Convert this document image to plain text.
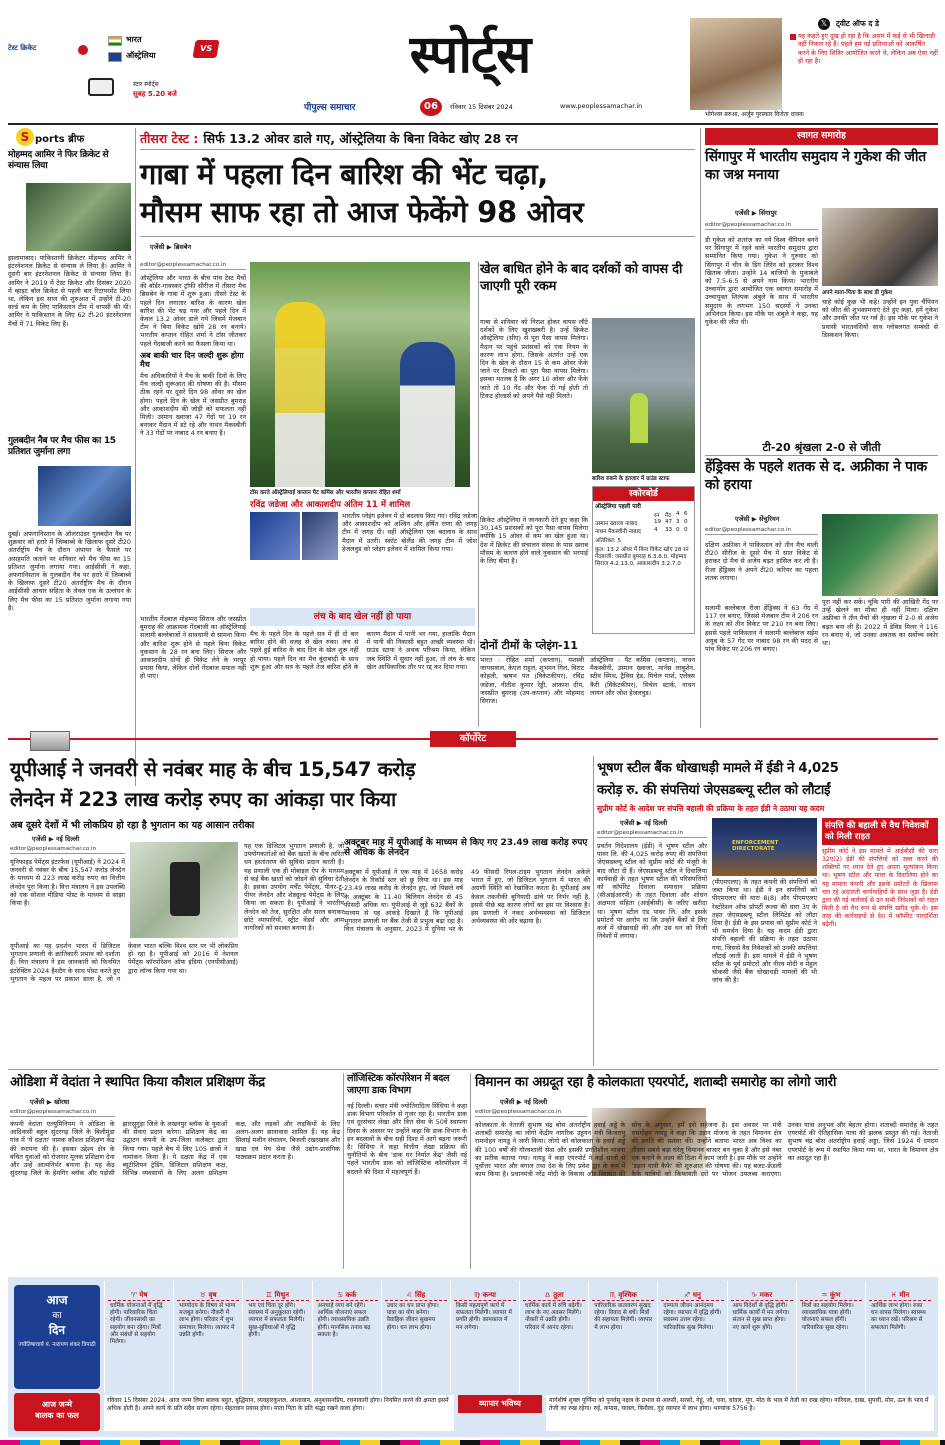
टेस्ट क्रिकेट
भारत
VS
ऑस्ट्रेलिया
स्टार स्पोर्ट्स
सुबह 5.20 बजे
स्पोर्ट्स
पीपुल्स समाचार	06	रविवार 15 दिसंबर 2024	www.peoplessamachar.in
𝕏	ट्वीट ऑफ द डे
यह कहते हुए दुख हो रहा है कि असम में कई से भी खिलाड़ी नहीं निकल रहे हैं। पहले हम नई प्रतिभाओं को आकर्षित करने के लिए शिविर आयोजित करते थे, लेकिन अब ऐसा नहीं हो रहा है।
भोगेश्वर बरुआ, अर्जुन पुरस्कार विजेता धावक
S ports ब्रीफ
मोहम्मद आमिर ने फिर क्रिकेट से संन्यास लिया
इस्लामाबाद। पाकिस्तानी क्रिकेटर मोहम्मद आमिर ने इंटरनेशनल क्रिकेट से संन्यास ले लिया है। आमिर ने दूसरी बार इंटरनेशनल क्रिकेट से संन्यास लिया है। आमिर ने 2019 में टेस्ट क्रिकेट और दिसंबर 2020 में व्हाइट बॉल क्रिकेट से पहली बार रिटायरमेंट लिया था, लेकिन इस साल की शुरुआत में उन्होंने टी-20 वर्ल्ड कप के लिए पाकिस्तान टीम में वापसी की थी। आमिर ने पाकिस्तान के लिए 62 टी-20 इंटरनेशनल मैचों में 71 विकेट लिए हैं।
गुलबदीन नैब पर मैच फीस का 15 प्रतिशत जुर्माना लगा
दुबई। अफगानिस्तान के ऑलराउंडर गुलबदीन नैब पर शुक्रवार को हरारे में जिम्बाब्वे के खिलाफ दूसरे टी20 अंतर्राष्ट्रीय मैच के दौरान अंपायर के फैसले पर असहमति जताने पर शनिवार को मैच फीस का 15 प्रतिशत जुर्माना लगाया गया। आईसीसी ने कहा, अफगानिस्तान के गुलबदीन नैब पर हरारे में जिम्बाब्वे के खिलाफ दूसरे टी20 अंतर्राष्ट्रीय मैच के दौरान आईसीसी आचार संहिता के लेवल एक के उल्लंघन के लिए मैच फीस का 15 प्रतिशत जुर्माना लगाया गया है।
तीसरा टेस्ट : सिर्फ 13.2 ओवर डाले गए, ऑस्ट्रेलिया के बिना विकेट खोए 28 रन
गाबा में पहला दिन बारिश की भेंट चढ़ा,
मौसम साफ रहा तो आज फेकेंगे 98 ओवर
एजेंसी ▶ ब्रिसबेन
editor@peoplessamachar.co.in
ऑस्ट्रेलिया और भारत के बीच पांच टेस्ट मैचों की बॉर्डर-गावस्कर ट्रॉफी सीरीज में तीसरा मैच ब्रिसबेन के गाबा में शुरू हुआ। तीसरे टेस्ट के पहले दिन लगातार बारिश के कारण खेल बारिश की भेंट चढ़ गया और पहले दिन में केवल 13.2 ओवर डाले गये जिसमें मेजबान टीम ने बिना विकेट खोये 28 रन बनाये। भारतीय कप्तान रोहित शर्मा ने टॉस जीतकर पहले गेंदबाजी करने का फैसला किया था।
अब बाकी चार दिन जल्दी शुरू होगा मैच
मैच अधिकारियों ने मैच के बाकी दिनों के लिए मैच जल्दी शुरूआत की घोषणा की है। मौसम ठीक रहने पर दूसरे दिन 98 ओवर का खेल होगा। पहले दिन के खेल में जसप्रीत बुमराह और आकाशदीप की जोड़ी को सफलता नहीं मिली। उस्मान ख्वाजा 47 गेंदों पर 19 रन बनाकर मैदान में डटे रहे और नाथन मैकस्वीनी ने 33 गेंदों पर नाबाद 4 रन बनाए हैं।
भारतीय गेंदबाज मोहम्मद सिराज और जसप्रीत बुमराह की आक्रामक गेंदबाजी का ऑस्ट्रेलियाई सलामी बल्लेबाजों ने सावधानी से सामना किया और बारिश शुरू होने से पहले बिना विकेट नुकसान के 28 रन बना लिए। सिराज और आकाशदीप दोनों ही विकेट लेने के भरपूर प्रयास किया, लेकिन दोनों गेंदबाज सफल नहीं हो पाए।
टॉस करते ऑस्ट्रेलियाई कप्तान पैट कमिंस और भारतीय कप्तान रोहित शर्मा
रविंद्र जडेजा और आकाशदीप अंतिम 11 में शामिल
भारतीय प्लेइंग इलेवन में दो बदलाव किए गए। रविंद्र जडेजा और आकाशदीप को अश्विन और हर्षित राणा की जगह टीम में जगह दी। वहीं ऑस्ट्रेलिया एक बदलाव के साथ मैदान में उतरी। स्कॉट बोलैंड की जगह टीम में जोश हेजलवुड को प्लेइंग इलेवन में शामिल किया गया।
लंच के बाद खेल नहीं हो पाया
मैच के पहले दिन के पहले सत्र में ही दो बार बारिश होने की वजह से खेल रुका। लंच से पहले हुई बारिश के बाद दिन के खेल शुरू नहीं हो पाया। पहले दिन का मैच बूंदाबांदी के साथ शुरू हुआ और सत्र के पहले तेज बारिश होने के कारण मैदान में पानी भर गया, हालांकि मैदान में पानी की निकासी बहुत अच्छी व्यवस्था थी। ग्राउंड स्टाफ ने अथक परिश्रम किया, लेकिन जब स्थिति में सुधार नहीं हुआ, तो लंच के बाद खेल आधिकारिक तौर पर रद्द कर दिया गया।
खेल बाधित होने के बाद दर्शकों को वापस दी जाएगी पूरी रकम
गाबा से शनिवार को निराश होकर वापस लौटे दर्शकों के लिए खुशखबरी है। उन्हें क्रिकेट ऑस्ट्रेलिया (सीए) से पूरा पैसा वापस मिलेगा। मैदान पर पहुंचे प्रशंसकों को एक नियम के कारण लाभ होगा, जिसके अंतर्गत उन्हें एक दिन के खेल के दौरान 15 से कम ओवर फेंके जाने पर टिकटों का पूरा पैसा वापस मिलेगा। इसका मतलब है कि अगर 10 ओवर और फेंके जाते तो 10 गेंद और फेंक दी गई होती तो टिकट होल्डर्स को अपने पैसे नहीं मिलते।
क्रिकेट ऑस्ट्रेलिया ने जानकारी देते हुए कहा कि 30,145 प्रशंसकों को पूरा पैसा वापस मिलेगा क्योंकि 15 ओवर से कम का खेल हुआ था। देश में क्रिकेट की संचालन संस्था के पास खराब मौसम के कारण होने वाले नुकसान की भरपाई के लिए बीमा है।
बारिश रुकने के इंतजार में ग्राउंड स्टाफ
स्कोरबोर्ड
ऑस्ट्रेलिया पहली पारी
रन गेंद 4 6
उस्मान ख्वाजा नाबाद	19 47 3 0
नाथन मैकस्वीनी नाबाद	4	33 0 0
अतिरिक्त: 5
कुल: 13.2 ओवर में बिना विकेट खोए 28 रन
गेंदबाजी: जसप्रीत बुमराह 6.3.8.0, मोहम्मद सिराज 4.2.13.0, आकाशदीप 3.2.7.0
दोनों टीमों के प्लेइंग-11
भारत : रोहित शर्मा (कप्तान), यशस्वी जायसवाल, केएल राहुल, शुभमन गिल, विराट कोहली, ऋषभ पंत (विकेटकीपर), रविंद्र जडेजा, नीतीश कुमार रेड्डी, आकाश दीप, जसप्रीत बुमराह (उप-कप्तान) और मोहम्मद सिराज।
ऑस्ट्रेलिया : पैट कमिंस (कप्तान), नाथन मैकस्वीनी, उस्मान ख्वाजा, मार्नस लाबुशेन, स्टीव स्मिथ, ट्रैविस हेड, मिचेल मार्श, एलेक्स कैरी (विकेटकीपर), मिचेल स्टार्क, नाथन लायन और जोश हेजलवुड।
स्वागत समारोह
सिंगापुर में भारतीय समुदाय ने गुकेश की जीत का जश्न मनाया
एजेंसी ▶ सिंगापुर
editor@peoplessamachar.co.in
डी गुकेश को शतरंज का नये विश्व चैंपियन बनने पर सिंगापुर में रहने वाले भारतीय समुदाय द्वारा सम्मानित किया गया। गुकेश ने गुरुवार को सिंगापुर में चीन के डिंग लिरेन को हराकर विश्व खिताब जीता। उन्होंने 14 बाजियों के मुकाबले को 7.5-6.5 से अपने नाम किया। भारतीय उच्चायोग द्वारा आयोजित एक स्वागत समारोह में उच्चायुक्त शिल्पक अंबुले के साथ में भारतीय समुदाय के लगभग 150 सदस्यों ने उनका अभिनंदन किया। इस मौके पर अंबुले ने कहा, यह गुकेश की जीत थी।
अपने माता-पिता के साथ डी गुकेश
चाहे कोई कुछ भी कहे। उन्होंने इन युवा चैंपियन को जीत की शुभकामनाएं देते हुए कहा, हमें गुकेश और उनकी जीत पर गर्व है। इस मौके पर गुकेश ने प्रवासी भारतवंशियों साथ ग्लोबलगत सम्बंधी से डिस्कशन किया।
टी-20 श्रृंखला 2-0 से जीती
हेंड्रिक्स के पहले शतक से द. अफ्रीका ने पाक को हराया
एजेंसी ▶ सेंचुरियन
editor@peoplessamachar.co.in
दक्षिण अफ्रीका ने पाकिस्तान को तीन मैच वाली टी20 सीरीज के दूसरे मैच में सात विकेट से हराकर दो मैच से अजेय बढ़त हासिल कर ली है। रीजा हेंड्रिक्स ने अपने टी20 करियर का पहला शतक लगाया।
सलामी बल्लेबाज रीजा हेंड्रिक्स ने 63 गेंद में 117 रन बनाए, जिससे मेजबान टीम ने 206 रन के लक्ष्य को तीन विकेट पर 210 रन बना लिए। इससे पहले पाकिस्तान ने सलामी बल्लेबाज सईम अयूब के 57 गेंद पर नाबाद 98 रन की मदद से पांच विकेट पर 206 रन बनाए।
पूरा नहीं कर सके। चूंकि पारी की आखिरी गेंद पर उन्हें खेलने का मौका ही नहीं मिला। दक्षिण अफ्रीका ने तीन मैचों की शृंखला में 2-0 से अजेय बढ़त बना ली है। 2022 में डेविड मिलर ने 116 रन बनाए थे, जो उनका अबतक का सर्वोच्च स्कोर था।
कॉर्पोरेट
यूपीआई ने जनवरी से नवंबर माह के बीच 15,547 करोड़
लेनदेन में 223 लाख करोड़ रुपए का आंकड़ा पार किया
अब दूसरे देशों में भी लोकप्रिय हो रहा है भुगतान का यह आसान तरीका
एजेंसी ▶ नई दिल्ली
editor@peoplessamachar.co.in
यूनिफाइड पेमेंट्स इंटरफेस (यूपीआई) ने 2024 में जनवरी से नवंबर के बीच 15,547 करोड़ लेनदेन के माध्यम से 223 लाख करोड़ रुपए का वित्तीय लेनदेन पूरा किया है। वित्त मंत्रालय ने इस उपलब्धि को एक सोशल मीडिया पोस्ट के माध्यम से साझा किया है।
यूपीआई का यह प्रदर्शन भारत में डिजिटल भुगतान प्रणाली के क्रांतिकारी प्रभाव को दर्शाता है। वित्त मंत्रालय ने इस जानकारी को फिनमित इंटरेक्टिव 2024 हैशटैग के साथ पोस्ट करते हुए भुगतान के महत्व पर प्रकाश डाला है, जो न केवल भारत बल्कि विश्व स्तर पर भी लोकप्रिय हो रहा है। यूपीआई को 2016 में नेशनल पेमेंट्स कॉरपोरेशन ऑफ इंडिया (एनपीसीआई) द्वारा लॉन्च किया गया था।
यह एक डिजिटल भुगतान प्रणाली है, जो उपयोगकर्ताओं को बैंक खातों के बीच त्वरित धन हस्तांतरण की सुविधा प्रदान करती है। यह प्रणाली एक ही मोबाइल ऐप के माध्यम से कई बैंक खातों को जोड़ने की सुविधा देती है। इसका उपयोग मर्चेंट पेमेंट्स, पीयर-टू-पीयर लेनदेन और शेड्यूल्ड पेमेंट्स के लिए किया जा सकता है। यूपीआई ने भारतीय लेनदेन को तेज, सुरक्षित और सरल बनाकर छोटे व्यापारियों, स्ट्रीट वेंडर्स और आम नागरिकों को सशक्त बनाया है।
अक्टूबर माह में यूपीआई के माध्यम से किए गए 23.49 लाख करोड़ रुपए से अधिक के लेनदेन
अक्टूबर में यूपीआई ने एक माह में 1658 करोड़ लेनदेन के रिकॉर्ड स्तर को छू लिया था। इस माह 23.49 लाख करोड़ के लेनदेन हुए, जो पिछले वर्ष के अक्टूबर के 11.40 बिलियन लेनदेन से 45 फीसदी अधिक था। यूपीआई से जुड़े 632 बैंकों के माध्यम से यह आंकड़े दिखाते हैं कि यूपीआई भुगतान प्रणाली पर बैंक तेजी से प्रभुत्व बढ़ा रहा है। वित्त मंत्रालय के अनुसार, 2023 में दुनिया भर के 49 फीसदी रियल-टाइम भुगतान लेनदेन अकेले भारत में हुए, जो डिजिटल भुगतान में भारत की अग्रणी स्थिति को रेखांकित करता है। यूपीआई अब केवल तकनीकी बुनियादी ढांचे पर निर्भर नहीं है, इससे पीछे बढ़ कारण लोगों का इस पर विश्वास है। इस प्रणाली ने नकद अर्थव्यवस्था को डिजिटल अर्थव्यवस्था की ओर बढ़ाया है।
भूषण स्टील बैंक धोखाधड़ी मामले में ईडी ने 4,025
करोड़ रु. की संपत्तियां जेएसडब्ल्यू स्टील को लौटाईं
सुप्रीम कोर्ट के आदेश पर संपत्ति बहाली की प्रक्रिया के तहत ईडी ने उठाया यह कदम
एजेंसी ▶ नई दिल्ली
editor@peoplessamachar.co.in
प्रवर्तन निदेशालय (ईडी) ने भूषण स्टील और पावर लि. की 4,025 करोड़ रुपए की संपत्तियां जेएसडब्ल्यू स्टील को सुप्रीम कोर्ट की मंजूरी के बाद लौटा दी हैं। जेएसडब्ल्यू स्टील ने दिवालिया कार्यवाही के तहत भूषण स्टील की परिसंपत्तियों को कॉर्पोरेट दिवाला समाधान प्रक्रिया (सीआईआरपी) के तहत दिवाला और शोधन अक्षमता संहिता (आईबीसी) के जरिए खरीदा था। भूषण स्टील एंड पावर लि. और इसके प्रमोटरों पर आरोप था कि उन्होंने बैंकों से लिए कर्ज में धोखाधड़ी की और उस धन को निजी निवेशों में लगाया।
ENFORCEMENT DIRECTORATE
(पीएमएलए) के तहत कंपनी की संपत्तियों को जब्त किया था। ईडी ने इन संपत्तियों को पीएमएलए की धारा 8(8) और पीएमएलए रेस्टोरेशन ऑफ प्रॉपर्टी रूल्स की धारा 3ए के तहत जेएसडब्ल्यू स्टील लिमिटेड को लौटा दिया है। ईडी के इस प्रयास को सुप्रीम कोर्ट ने भी समर्थन दिया है। यह कदम ईडी द्वारा संपत्ति बहाली की प्रक्रिया के तहत उठाया गया, जिससे वैध निवेशकों को उनकी संपत्तियां लौटाई जाती हैं। इस मामले में ईडी ने भूषण स्टील के पूर्व प्रमोटरों और नीरव मोदी व मेहुल चोकसी जैसे बैंक धोखाधड़ी मामलों की भी जांच की है।
संपत्ति की बहाली से वैध निवेशकों को मिली राहत
सुप्रीम कोर्ट ने इस मामले में आईबीसी की धारा 32ए(2) ईडी की संपत्तियों को जब्त करने की शक्तियों पर ध्यान देते हुए अपना मूल्यांकन किया था। भूषण स्टील और पावर के दिवालिया होने का यह मामला कंपनी और इसके प्रमोटरों के खिलाफ चल रहे अदालती कार्यवाहियों के साथ जुड़ा है। ईडी द्वारा की गई कार्रवाई से उन सभी निवेशकों को राहत मिली है जो वैध रूप से संपत्ति खरीद चुके थे। इस तरह की कार्रवाइयों से देश में कॉर्पोरेट पारदर्शिता बढ़ेगी।
ओडिशा में वेदांता ने स्थापित किया कौशल प्रशिक्षण केंद्र
एजेंसी ▶ खोरधा
editor@peoplessamachar.co.in
कंपनी वेदांता एल्युमिनियम ने ओडिशा के आदिवासी बहुल सुंदरगढ़ जिले के बिलीमुंडा गांव में 'ये दक्षता' नामक कौशल प्रशिक्षण केंद्र की स्थापना की है। इसका उद्देश्य क्षेत्र के वंचित युवाओं को रोजगार मूलक प्रशिक्षण देना और उन्हें आत्मनिर्भर बनाना है। यह केंद्र सुंदरगढ़ जिले के हेमगिर ब्लॉक और पड़ोसी झारसुगुड़ा जिले के लखनपुर ब्लॉक के युवाओं की सेवाएं प्रदान करेगा। प्रशिक्षण केंद्र का उद्घाटन कंपनी के उप-जिला कलेक्टर द्वारा किया गया। पहले बैच में लिए 105 छात्रों ने नामांकन किया है। ये दक्षता केंद्र में एक ब्यूटीशियन ट्रेडिंग, डिजिटल प्रशिक्षण कक्ष, विभिन्न व्यवसायों के लिए अलग प्रशिक्षण कक्ष, और लड़कों और लड़कियों के लिए अलग-अलग छात्रावास शामिल हैं। यह केंद्र सिलाई मशीन संचालन, बिजली रखरखाव और खाद्य एवं पेय सेवा जैसे उद्योग-प्रासंगिक पाठ्यक्रम प्रदान करता है।
लॉजिस्टिक कॉरपोरेशन में बदल जाएगा डाक विभाग
नई दिल्ली। संचार मंत्री ज्योतिरादित्य सिंधिया ने कहा डाक विभाग परिवर्तन से गुजर रहा है। भारतीय डाक एवं दूरसंचार लेखा और वित्त सेवा के 50वें स्थापना दिवस के अवसर पर उन्होंने कहा कि डाक विभाग के इन बदलावों के बीच सही दिशा में आगे बढ़ना जरूरी है। सिंधिया ने कहा वित्तीय लेखा प्रक्रिया की चुनौतियों के बीच 'डाक घर निर्यात केंद्र' जैसी नई पहलें भारतीय डाक को लॉजिस्टिक कॉरपोरेशन में बदलने की दिशा में महत्वपूर्ण हैं।
विमानन का अग्रदूत रहा है कोलकाता एयरपोर्ट, शताब्दी समारोह का लोगो जारी
एजेंसी ▶ नई दिल्ली
editor@peoplessamachar.co.in
कोलकाता के नेताजी सुभाष चंद्र बोस अंतर्राष्ट्रीय हवाई अड्डे के शताब्दी समारोह का लोगो केंद्रीय नागरिक उड्डयन मंत्री किंजरापु राममोहन नायडू ने जारी किया। लोगो को कोलकाता के हवाई अड्डे की 100 वर्षों की गौरवशाली सेवा और इसकी प्रगतिशील भावना का प्रतीक बताया गया। नायडू ने कहा एयरपोर्ट ने कई सालों से पूर्वोत्तर भारत और बंगाल तथा देश के लिए प्रवेश द्वार के रूप में काम किया है। प्रधानमंत्री नरेंद्र मोदी के विकास और विरासत की सोच के अनुसार, हमें इसे सहेजना है। इस अवसर पर मंत्री राममोहन नायडू ने कहा कि उड़ान योजना के तहत विमानन क्षेत्र की प्रगति की प्रशंसा की। उन्होंने बताया भारत अब विश्व का तीसरा सबसे बड़ा घरेलू विमानन बाजार बन चुका है और इसे नंबर एक बनाने के लक्ष्य की दिशा में काम जारी है। इस मौके पर उन्होंने ‘डड़ान यात्री कैफे’ की शुरुआत की घोषणा की। यह बजट-फ्रेंडली कैफे यात्रियों को किफायती दरों पर भोजन उपलब्ध कराएगा। उनका यात्रा अनुभव और बेहतर होगा। शताब्दी समारोह के तहत एयरपोर्ट की ऐतिहासिक यात्रा की झलक प्रस्तुत की गई। नेताजी सुभाष चंद्र बोस अंतर्राष्ट्रीय हवाई अड्डा, जिसे 1924 में दमदम एयरपोर्ट के रूप में स्थापित किया गया था, भारत के विमानन क्षेत्र का अग्रदूत रहा है।
आज
का
दिन
ज्योतिषाचार्य पं. नारायण शंकर त्रिपाठी
♈ मेष
धार्मिक योजनाओं में वृद्धि होगी। पारिवारिक चिंता रहेगी। जीवनसाथी का सहयोग बना रहेगा। मित्रों और संबंधों से सहयोग मिलेगा।
♉ वृष
भाग्योदय के विषय से भाग्य मजबूत बनेगा। नौकरी में लाभ होगा। परिवार में शुभ समाचार मिलेगा। व्यापार में उन्नति होगी।
♊ मिथुन
भय एवं चिंता दूर होंगे। स्वास्थ्य में अनुकूलता रहेगी। व्यापार में सफलता मिलेगी। सुख-सुविधाओं में वृद्धि होगी।
♋ कर्क
अनचाहे व्यय बने रहेंगे। आर्थिक योजनाएं सफल होंगी। व्यावसायिक उन्नति होगी। मानसिक तनाव बढ़ सकता है।
♌ सिंह
उधार का धन प्राप्त होगा। यात्रा का योग बनेगा। वैवाहिक जीवन सुखमय होगा। धन लाभ होगा।
♍ कन्या
किसी महत्वपूर्ण कार्य में सफलता मिलेगी। व्यापार में प्रगति होगी। कामकाज में मन लगेगा।
♎ तुला
धार्मिक कार्य में रुचि बढ़ेगी। लाभ के नए अवसर मिलेंगे। नौकरी में उन्नति होगी। परिवार में आनंद रहेगा।
♏ वृश्चिक
पारिवारिक वातावरण सुखद रहेगा। विवाद से बचें। मित्रों की सहायता मिलेगी। व्यापार में लाभ होगा।
♐ धनु
दाम्पत्य जीवन आनंदमय रहेगा। व्यापार में वृद्धि होगी। स्वास्थ्य उत्तम रहेगा। पारिवारिक सुख मिलेगा।
♑ मकर
आय विदेशों से वृद्धि होगी। धार्मिक कार्यों में मन लगेगा। संतान से सुख प्राप्त होगा। नए कार्य शुरू होंगे।
♒ कुंभ
मित्रों का सहयोग मिलेगा। व्यावसायिक यात्रा होगी। योजनाएं सफल होंगी। पारिवारिक सुख रहेगा।
♓ मीन
आर्थिक लाभ होगा। रुका धन वापस मिलेगा। स्वास्थ्य का ध्यान रखें। परिश्रम से सफलता मिलेगी।
आज जन्मे
बालक का फल
रविवार 15 दिसंबर 2024: आज जन्म लिया बालक बहुत, बुद्धिमान, व्यवहारकुशल, आशावान, अनुशासनप्रिय, रचनाकारी होगा। नियमित करने की क्षमता इसमें अधिक होती है। अपने कार्य के प्रति सदैव सजग रहेगा। सेहतवान प्रयास होगा। माता पिता के प्रति श्रद्धा रखने वाला होगा।
व्यापार भविष्य	मार्गशीर्ष शुक्ल पूर्णिमा को पुनर्वसु नक्षत्र के प्रभाव से अलसी, सरसों, गेहूं, जौ, चना, चांवल, मूंग, मोठ के भाव में तेजी का रुख रहेगा। नारियल, दाख, सुपारी, मोम, ऊन के भाव में तेजी का रुख रहेगा। रुई, कपास, चावल, बिनौला, गुड़ व्यापार में लाभ होगा। भाग्यांक 5756 है।
